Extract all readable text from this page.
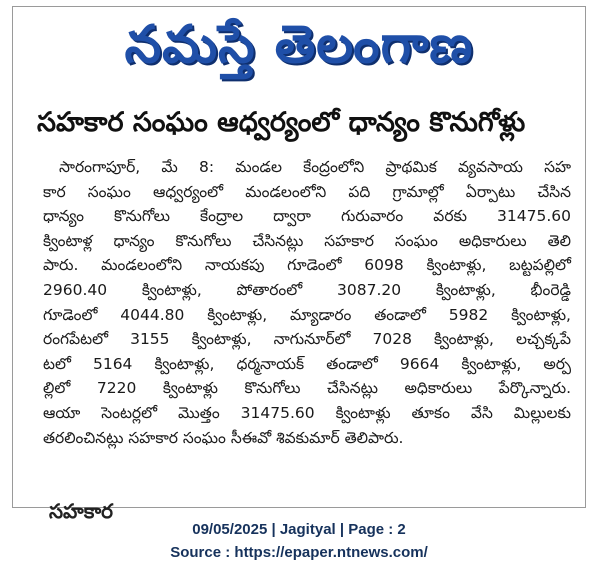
నమస్తే తెలంగాణ
సహకార సంఘం ఆధ్వర్యంలో ధాన్యం కొనుగోళ్లు
సారంగాపూర్, మే 8: మండల కేంద్రంలోని ప్రాథమిక వ్యవసాయ సహ
కార సంఘం ఆధ్వర్యంలో మండలంలోని పది గ్రామాల్లో ఏర్పాటు చేసిన
ధాన్యం కొనుగోలు కేంద్రాల ద్వారా గురువారం వరకు 31475.60
క్వింటాళ్ల ధాన్యం కొనుగోలు చేసినట్లు సహకార సంఘం అధికారులు తెలి
పారు. మండలంలోని నాయకపు గూడెంలో 6098 క్వింటాళ్లు, బట్టపల్లిలో
2960.40 క్వింటాళ్లు, పోతారంలో 3087.20 క్వింటాళ్లు, భీంరెడ్డి
గూడెంలో 4044.80 క్వింటాళ్లు, మ్యాడారం తండాలో 5982 క్వింటాళ్లు,
రంగపేటలో 3155 క్వింటాళ్లు, నాగునూర్‌లో 7028 క్వింటాళ్లు, లచ్చక్కపే
టలో 5164 క్వింటాళ్లు, ధర్మనాయక్ తండాలో 9664 క్వింటాళ్లు, అర్ప
ల్లిలో 7220 క్వింటాళ్లు కొనుగోలు చేసినట్లు అధికారులు పేర్కొన్నారు.
ఆయా సెంటర్లలో మొత్తం 31475.60 క్వింటాళ్లు తూకం వేసి మిల్లులకు
తరలించినట్లు సహకార సంఘం సీఈవో శివకుమార్ తెలిపారు.
సహకార
09/05/2025 | Jagityal | Page : 2
Source : https://epaper.ntnews.com/
